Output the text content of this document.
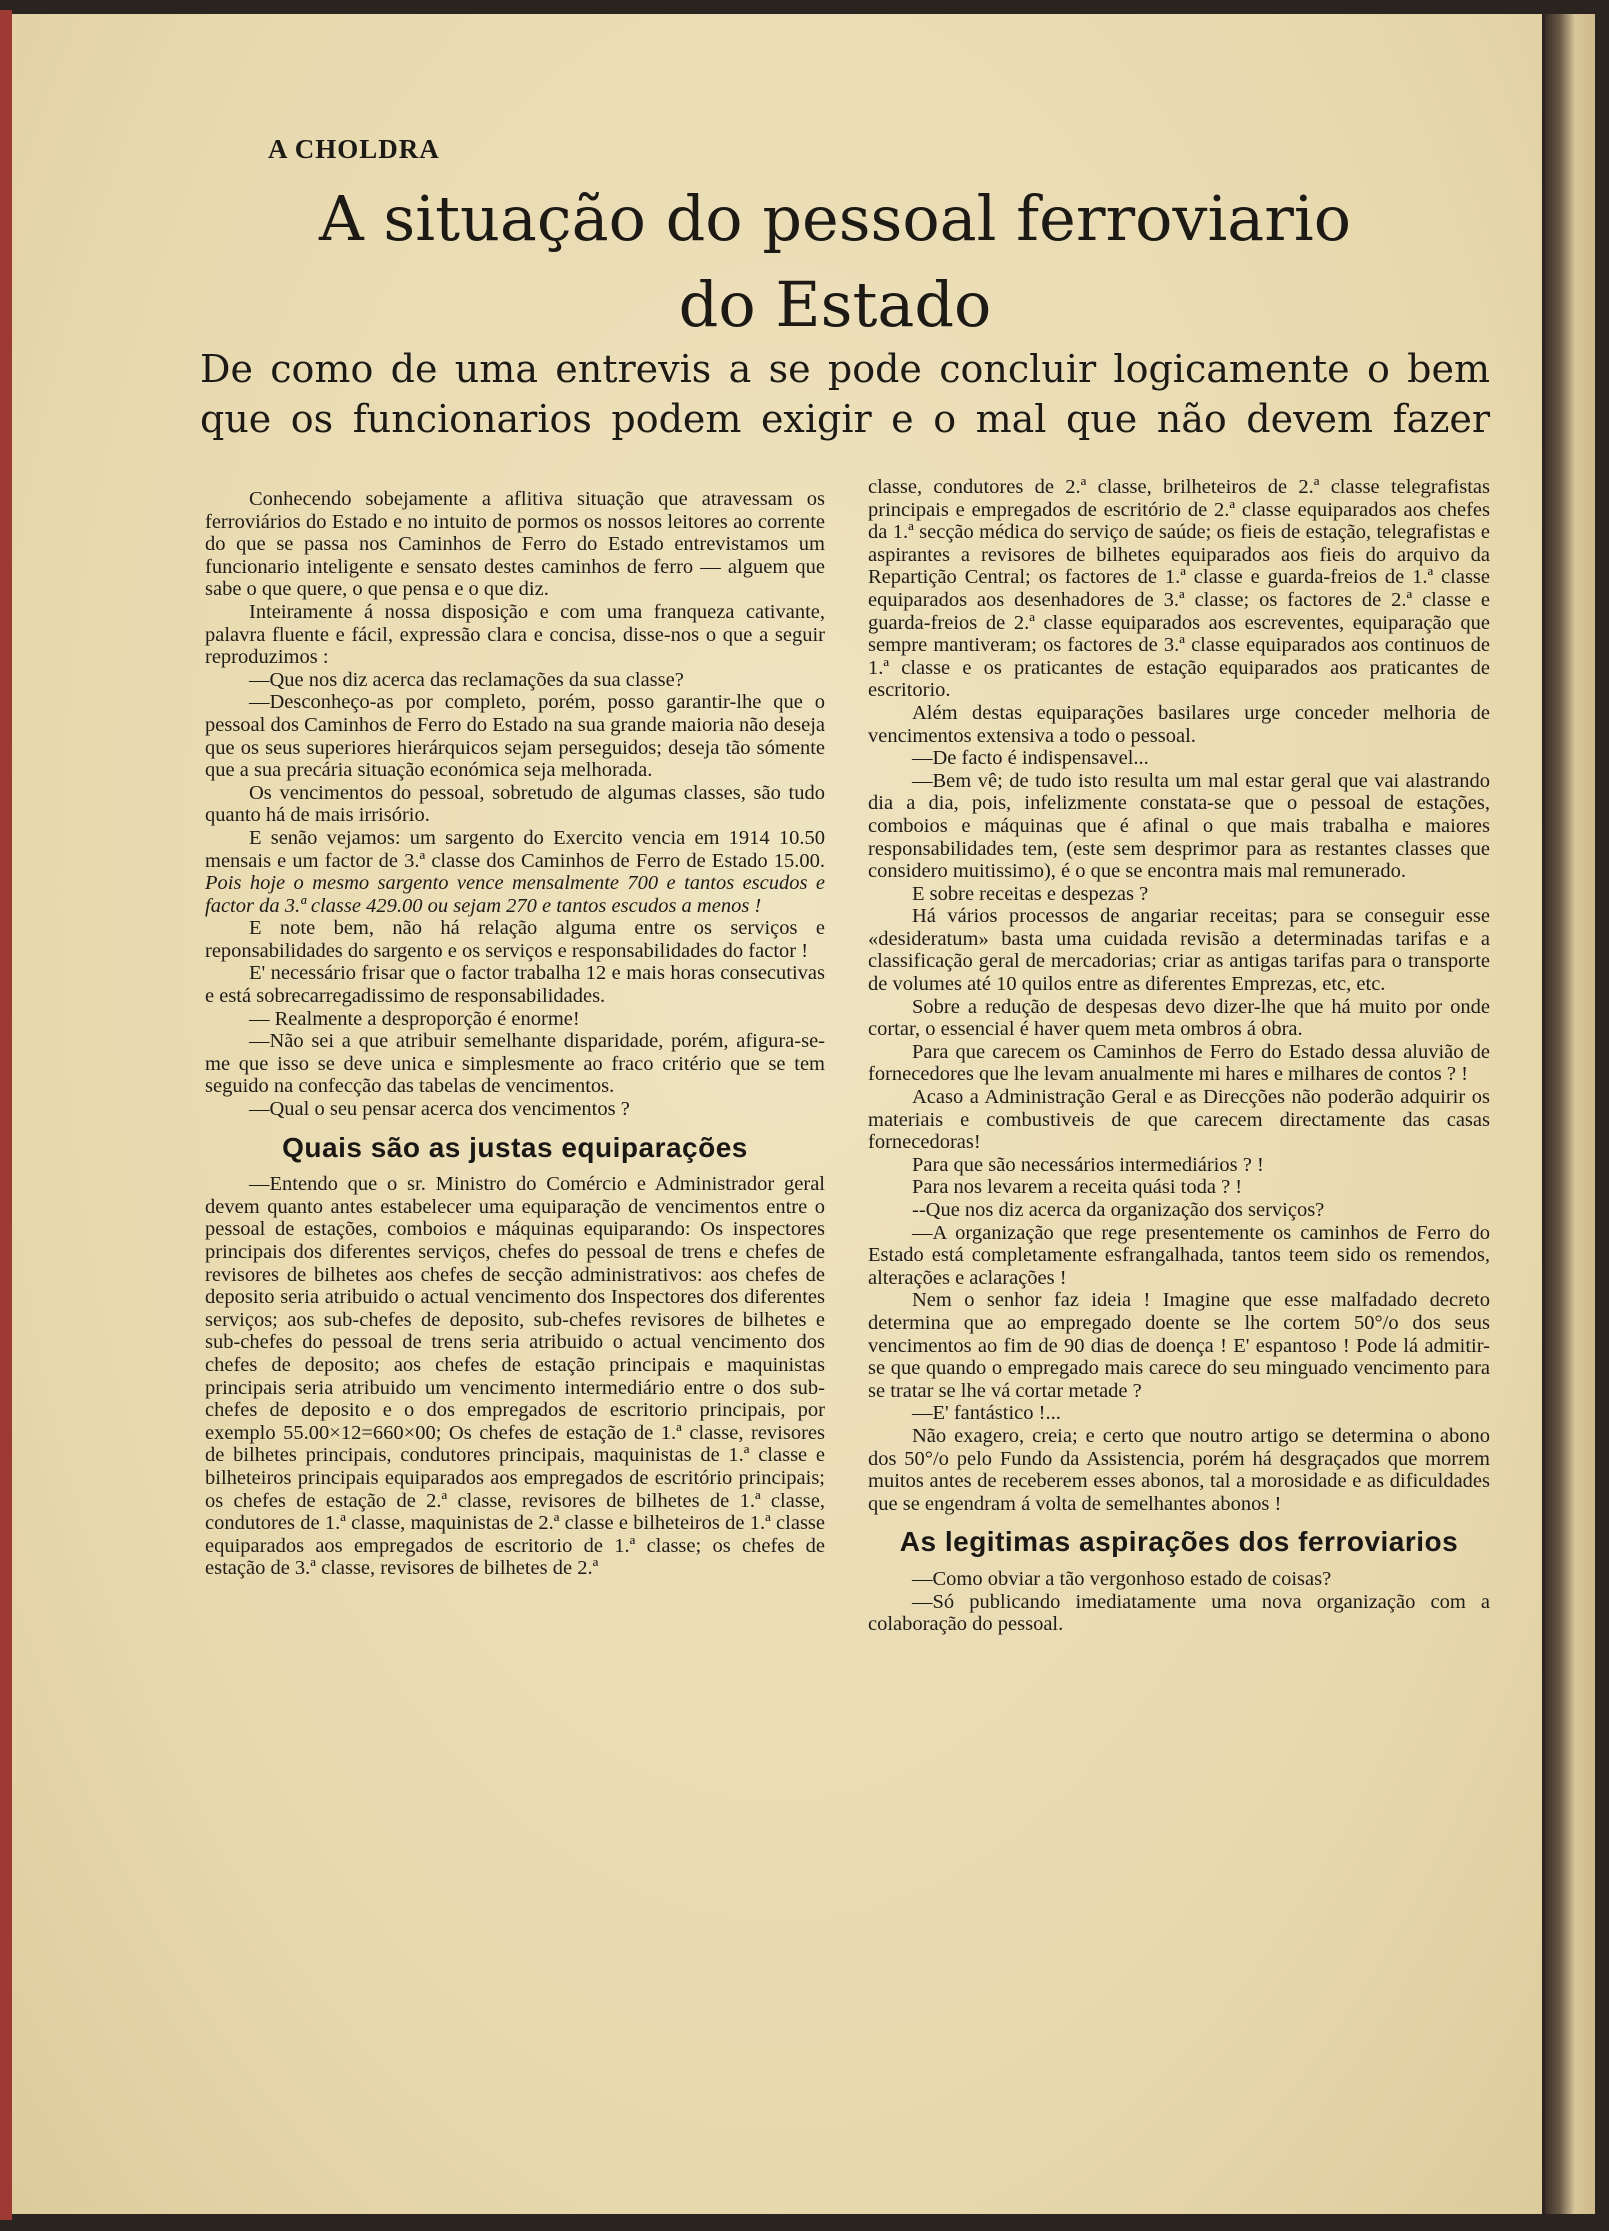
A CHOLDRA
A situação do pessoal ferroviario
do Estado
De como de uma entrevis a se pode concluir logicamente o bem que os funcionarios podem exigir e o mal que não devem fazer

Conhecendo sobejamente a aflitiva situação que atravessam os ferroviários do Estado e no intuito de pormos os nossos leitores ao corrente do que se passa nos Caminhos de Ferro do Estado entrevistamos um funcionario inteligente e sensato destes caminhos de ferro — alguem que sabe o que quere, o que pensa e o que diz.

Inteiramente á nossa disposição e com uma franqueza cativante, palavra fluente e fácil, expressão clara e concisa, disse-nos o que a seguir reproduzimos :

—Que nos diz acerca das reclamações da sua classe?

—Desconheço-as por completo, porém, posso garantir-lhe que o pessoal dos Caminhos de Ferro do Estado na sua grande maioria não deseja que os seus superiores hierárquicos sejam perseguidos; deseja tão sómente que a sua precária situação económica seja melhorada.

Os vencimentos do pessoal, sobretudo de algumas classes, são tudo quanto há de mais irrisório.

E senão vejamos: um sargento do Exercito vencia em 1914 10.50 mensais e um factor de 3.ª classe dos Caminhos de Ferro de Estado 15.00. Pois hoje o mesmo sargento vence mensalmente 700 e tantos escudos e factor da 3.ª classe 429.00 ou sejam 270 e tantos escudos a menos !

E note bem, não há relação alguma entre os serviços e reponsabilidades do sargento e os serviços e responsabilidades do factor !

E' necessário frisar que o factor trabalha 12 e mais horas consecutivas e está sobrecarregadissimo de responsabilidades.

— Realmente a desproporção é enorme!

—Não sei a que atribuir semelhante disparidade, porém, afigura-se-me que isso se deve unica e simplesmente ao fraco critério que se tem seguido na confecção das tabelas de vencimentos.

—Qual o seu pensar acerca dos vencimentos ?

Quais são as justas equiparações

—Entendo que o sr. Ministro do Comércio e Administrador geral devem quanto antes estabelecer uma equiparação de vencimentos entre o pessoal de estações, comboios e máquinas equiparando: Os inspectores principais dos diferentes serviços, chefes do pessoal de trens e chefes de revisores de bilhetes aos chefes de secção administrativos: aos chefes de deposito seria atribuido o actual vencimento dos Inspectores dos diferentes serviços; aos sub-chefes de deposito, sub-chefes revisores de bilhetes e sub-chefes do pessoal de trens seria atribuido o actual vencimento dos chefes de deposito; aos chefes de estação principais e maquinistas principais seria atribuido um vencimento intermediário entre o dos sub-chefes de deposito e o dos empregados de escritorio principais, por exemplo 55.00×12=660×00; Os chefes de estação de 1.ª classe, revisores de bilhetes principais, condutores principais, maquinistas de 1.ª classe e bilheteiros principais equiparados aos empregados de escritório principais; os chefes de estação de 2.ª classe, revisores de bilhetes de 1.ª classe, condutores de 1.ª classe, maquinistas de 2.ª classe e bilheteiros de 1.ª classe equiparados aos empregados de escritorio de 1.ª classe; os chefes de estação de 3.ª classe, revisores de bilhetes de 2.ª

classe, condutores de 2.ª classe, brilheteiros de 2.ª classe telegrafistas principais e empregados de escritório de 2.ª classe equiparados aos chefes da 1.ª secção médica do serviço de saúde; os fieis de estação, telegrafistas e aspirantes a revisores de bilhetes equiparados aos fieis do arquivo da Repartição Central; os factores de 1.ª classe e guarda-freios de 1.ª classe equiparados aos desenhadores de 3.ª classe; os factores de 2.ª classe e guarda-freios de 2.ª classe equiparados aos escreventes, equiparação que sempre mantiveram; os factores de 3.ª classe equiparados aos continuos de 1.ª classe e os praticantes de estação equiparados aos praticantes de escritorio.

Além destas equiparações basilares urge conceder melhoria de vencimentos extensiva a todo o pessoal.

—De facto é indispensavel...

—Bem vê; de tudo isto resulta um mal estar geral que vai alastrando dia a dia, pois, infelizmente constata-se que o pessoal de estações, comboios e máquinas que é afinal o que mais trabalha e maiores responsabilidades tem, (este sem desprimor para as restantes classes que considero muitissimo), é o que se encontra mais mal remunerado.

E sobre receitas e despezas ?

Há vários processos de angariar receitas; para se conseguir esse «desideratum» basta uma cuidada revisão a determinadas tarifas e a classificação geral de mercadorias; criar as antigas tarifas para o transporte de volumes até 10 quilos entre as diferentes Emprezas, etc, etc.

Sobre a redução de despesas devo dizer-lhe que há muito por onde cortar, o essencial é haver quem meta ombros á obra.

Para que carecem os Caminhos de Ferro do Estado dessa aluvião de fornecedores que lhe levam anualmente mi hares e milhares de contos ? !

Acaso a Administração Geral e as Direcções não poderão adquirir os materiais e combustiveis de que carecem directamente das casas fornecedoras!

Para que são necessários intermediários ? !

Para nos levarem a receita quási toda ? !

--Que nos diz acerca da organização dos serviços?

—A organização que rege presentemente os caminhos de Ferro do Estado está completamente esfrangalhada, tantos teem sido os remendos, alterações e aclarações !

Nem o senhor faz ideia ! Imagine que esse malfadado decreto determina que ao empregado doente se lhe cortem 50°/o dos seus vencimentos ao fim de 90 dias de doença ! E' espantoso ! Pode lá admitir-se que quando o empregado mais carece do seu minguado vencimento para se tratar se lhe vá cortar metade ?

—E' fantástico !...

Não exagero, creia; e certo que noutro artigo se determina o abono dos 50°/o pelo Fundo da Assistencia, porém há desgraçados que morrem muitos antes de receberem esses abonos, tal a morosidade e as dificuldades que se engendram á volta de semelhantes abonos !

As legitimas aspirações dos ferroviarios

—Como obviar a tão vergonhoso estado de coisas?

—Só publicando imediatamente uma nova organização com a colaboração do pessoal.
